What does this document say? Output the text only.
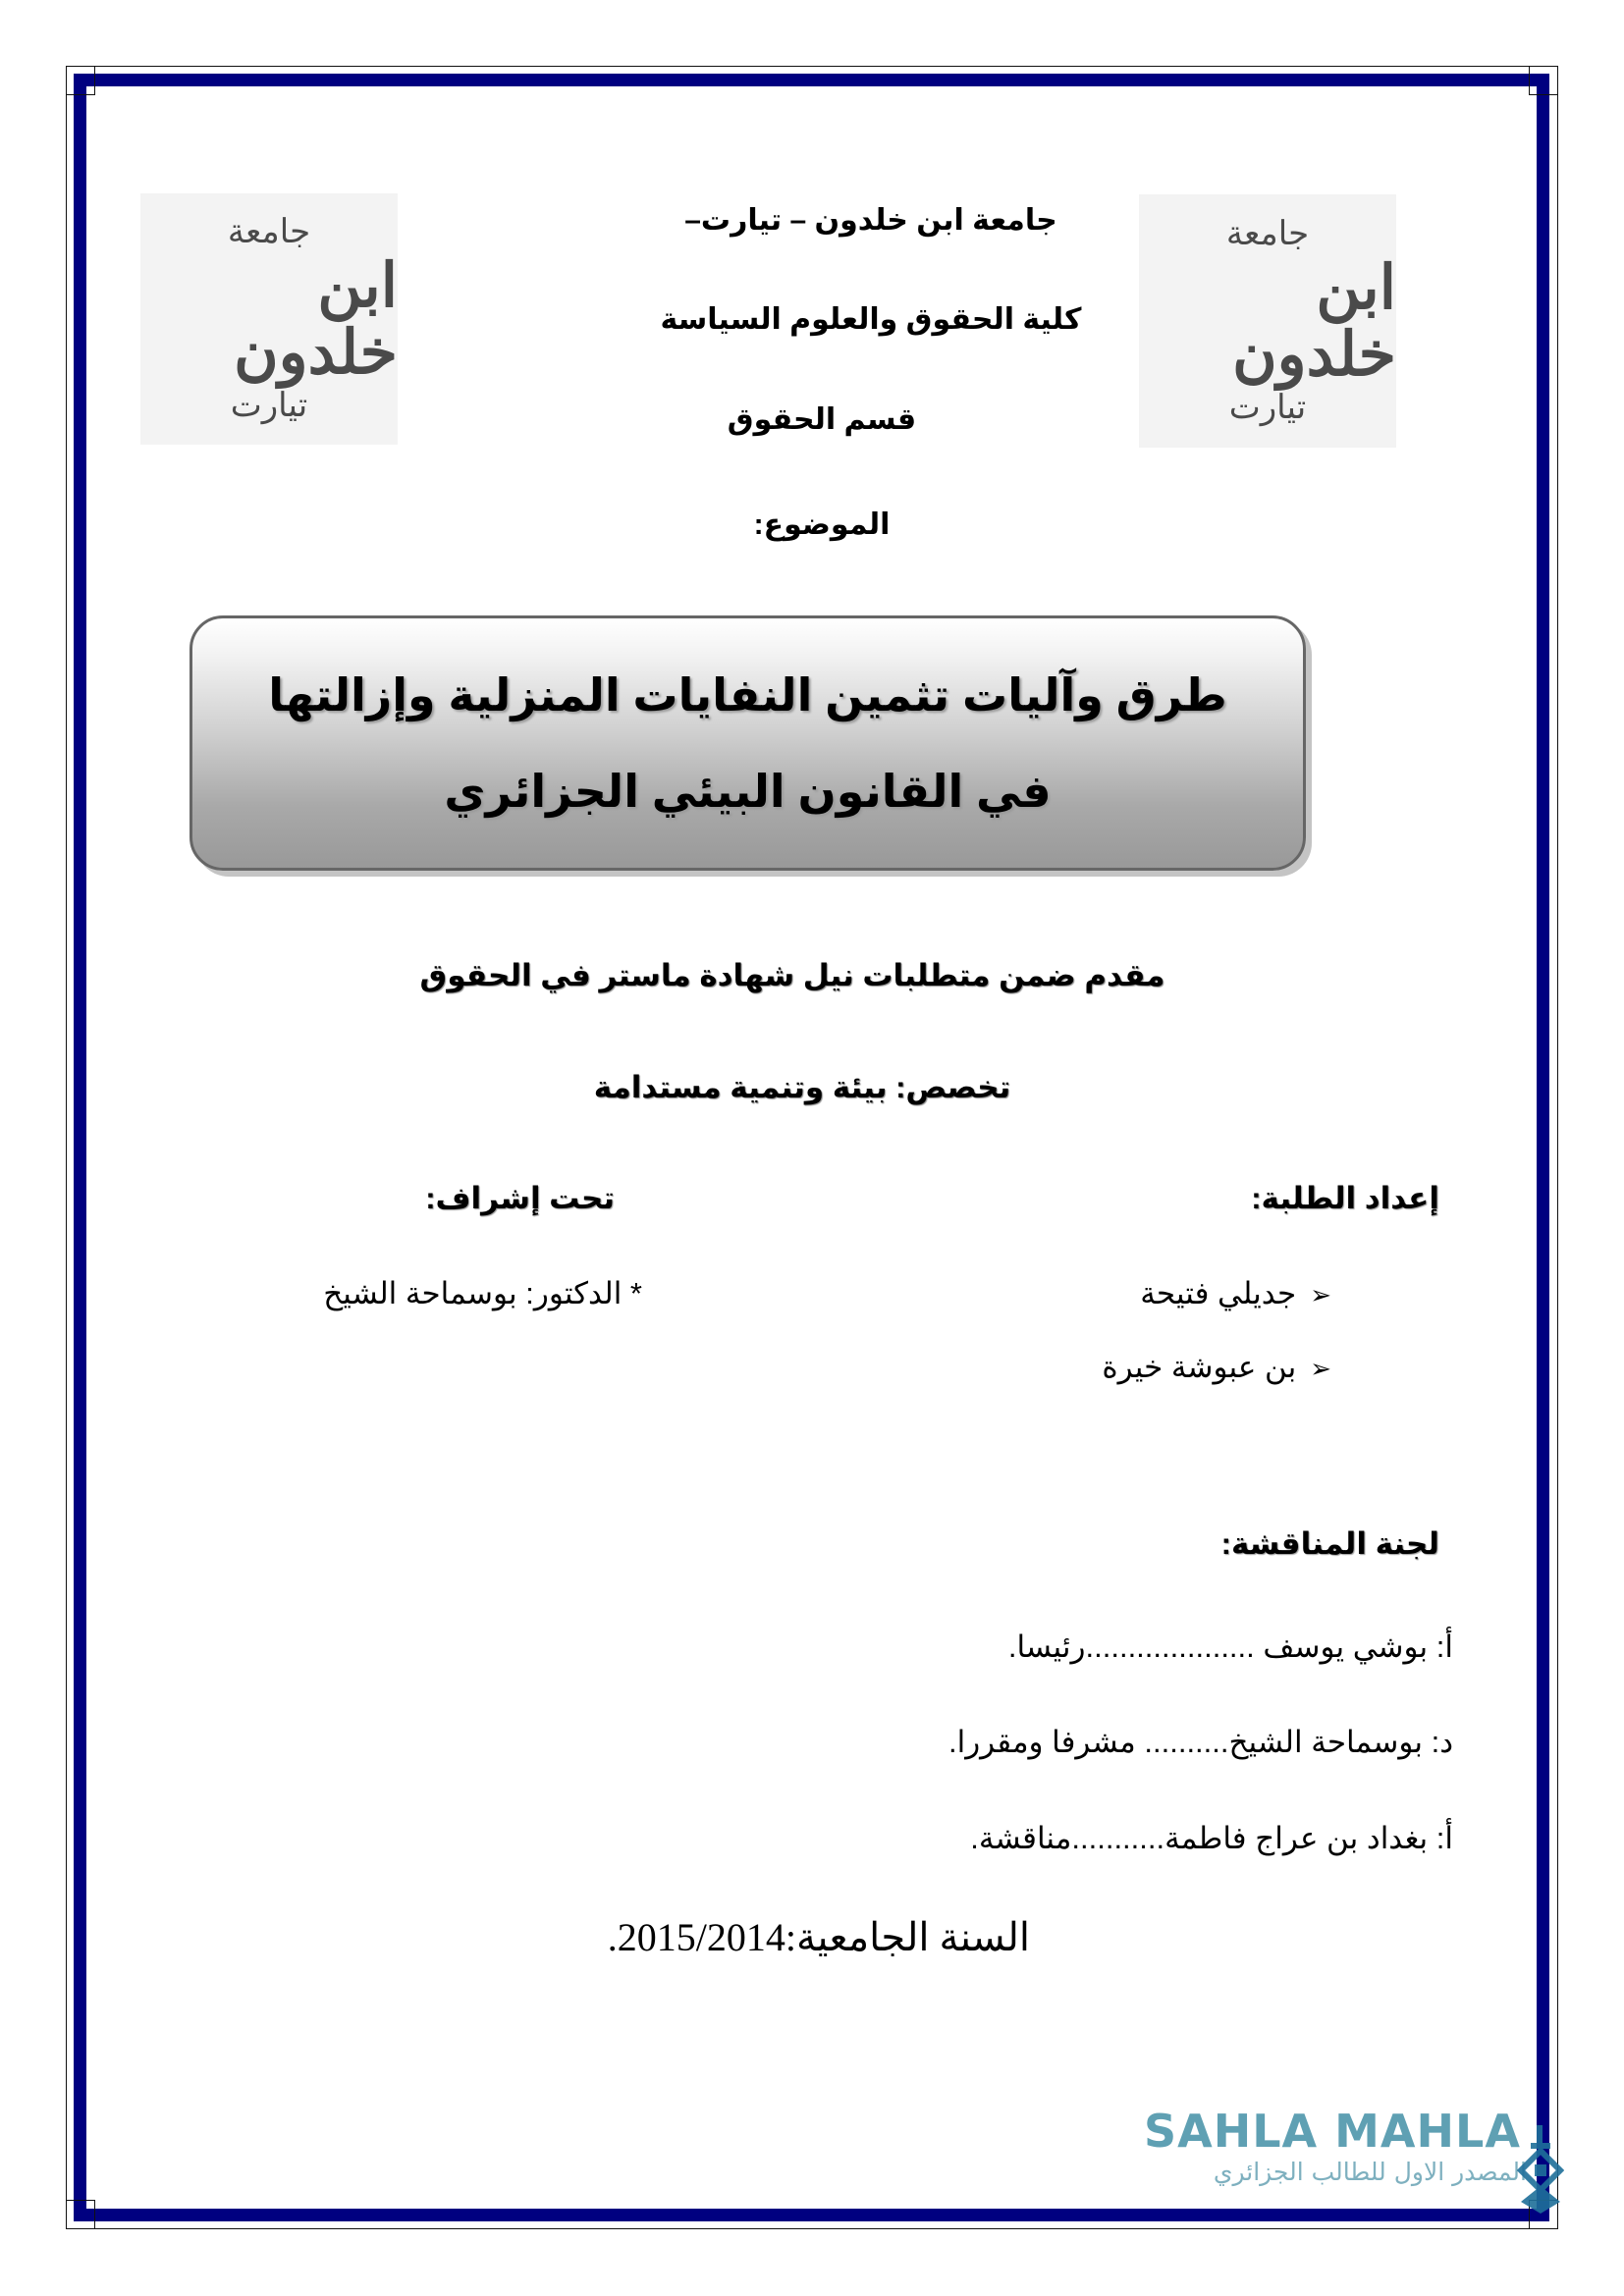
جامعة
ابن خلدون
تيارت
جامعة
ابن خلدون
تيارت
جامعة ابن خلدون – تيارت–
كلية الحقوق والعلوم السياسة
قسم الحقوق
الموضوع:
طرق وآليات تثمين النفايات المنزلية وإزالتها
في القانون البيئي الجزائري
مقدم ضمن متطلبات نيل شهادة ماستر في الحقوق
تخصص: بيئة وتنمية مستدامة
إعداد الطلبة:
➢جديلي فتيحة
➢بن عبوشة خيرة
تحت إشراف:
* الدكتور: بوسماحة الشيخ
لجنة المناقشة:
أ: بوشي يوسف ....................رئيسا.
د: بوسماحة الشيخ.......... مشرفا ومقررا.
أ: بغداد بن عراج فاطمة...........مناقشة.
السنة الجامعية:2015/2014.
SAHLA MAHLA
المصدر الاول للطالب الجزائري
